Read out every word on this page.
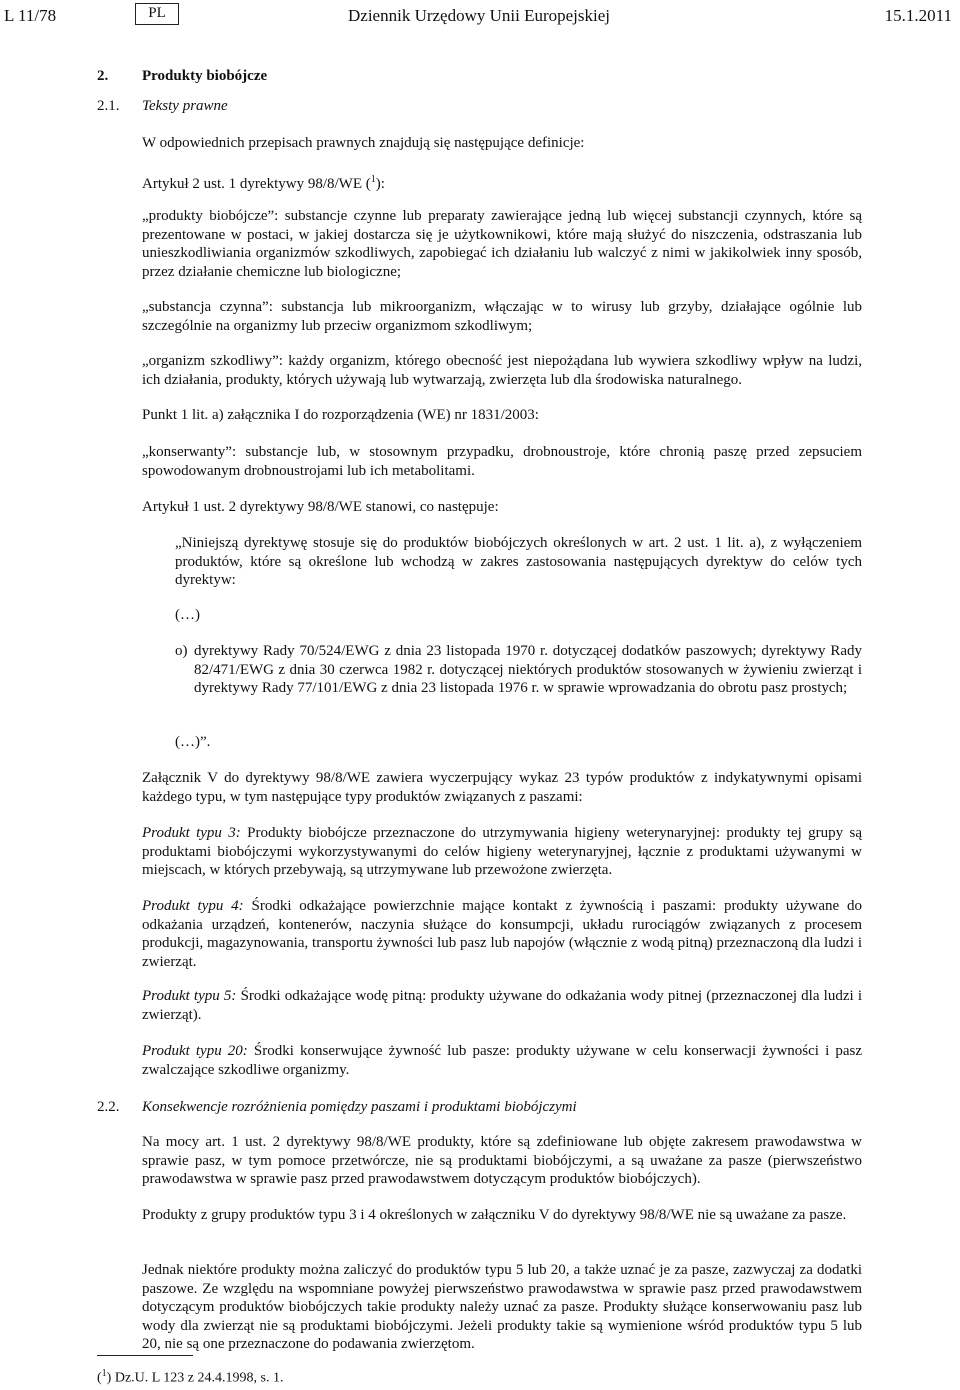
L 11/78	PL	Dziennik Urzędowy Unii Europejskiej	15.1.2011
2. Produkty biobójcze
2.1. Teksty prawne
W odpowiednich przepisach prawnych znajdują się następujące definicje:
Artykuł 2 ust. 1 dyrektywy 98/8/WE ($^1$):

„produkty biobójcze”: substancje czynne lub preparaty zawierające jedną lub więcej substancji czynnych, które są prezentowane w postaci, w jakiej dostarcza się je użytkownikowi, które mają służyć do niszczenia, odstraszania lub unieszkodliwiania organizmów szkodliwych, zapobiegać ich działaniu lub walczyć z nimi w jakikolwiek inny sposób, przez działanie chemiczne lub biologiczne;

„substancja czynna”: substancja lub mikroorganizm, włączając w to wirusy lub grzyby, działające ogólnie lub szczególnie na organizmy lub przeciw organizmom szkodliwym;

„organizm szkodliwy”: każdy organizm, którego obecność jest niepożądana lub wywiera szkodliwy wpływ na ludzi, ich działania, produkty, których używają lub wytwarzają, zwierzęta lub dla środowiska naturalnego.

Punkt 1 lit. a) załącznika I do rozporządzenia (WE) nr 1831/2003:

„konserwanty”: substancje lub, w stosownym przypadku, drobnoustroje, które chronią paszę przed zepsuciem spowodowanym drobnoustrojami lub ich metabolitami.

Artykuł 1 ust. 2 dyrektywy 98/8/WE stanowi, co następuje:

„Niniejszą dyrektywę stosuje się do produktów biobójczych określonych w art. 2 ust. 1 lit. a), z wyłączeniem produktów, które są określone lub wchodzą w zakres zastosowania następujących dyrektyw do celów tych dyrektyw:

(…)
o) dyrektywy Rady 70/524/EWG z dnia 23 listopada 1970 r. dotyczącej dodatków paszowych; dyrektywy Rady 82/471/EWG z dnia 30 czerwca 1982 r. dotyczącej niektórych produktów stosowanych w żywieniu zwierząt i dyrektywy Rady 77/101/EWG z dnia 23 listopada 1976 r. w sprawie wprowadzania do obrotu pasz prostych;

(…)”.

Załącznik V do dyrektywy 98/8/WE zawiera wyczerpujący wykaz 23 typów produktów z indykatywnymi opisami każdego typu, w tym następujące typy produktów związanych z paszami:

Produkt typu 3: Produkty biobójcze przeznaczone do utrzymywania higieny weterynaryjnej: produkty tej grupy są produktami biobójczymi wykorzystywanymi do celów higieny weterynaryjnej, łącznie z produktami używanymi w miejscach, w których przebywają, są utrzymywane lub przewożone zwierzęta.

Produkt typu 4: Środki odkażające powierzchnie mające kontakt z żywnością i paszami: produkty używane do odkażania urządzeń, kontenerów, naczynia służące do konsumpcji, układu rurociągów związanych z procesem produkcji, magazynowania, transportu żywności lub pasz lub napojów (włącznie z wodą pitną) przeznaczoną dla ludzi i zwierząt.

Produkt typu 5: Środki odkażające wodę pitną: produkty używane do odkażania wody pitnej (przeznaczonej dla ludzi i zwierząt).

Produkt typu 20: Środki konserwujące żywność lub pasze: produkty używane w celu konserwacji żywności i pasz zwalczające szkodliwe organizmy.

2.2. Konsekwencje rozróżnienia pomiędzy paszami i produktami biobójczymi

Na mocy art. 1 ust. 2 dyrektywy 98/8/WE produkty, które są zdefiniowane lub objęte zakresem prawodawstwa w sprawie pasz, w tym pomoce przetwórcze, nie są produktami biobójczymi, a są uważane za pasze (pierwszeństwo prawodawstwa w sprawie pasz przed prawodawstwem dotyczącym produktów biobójczych).

Produkty z grupy produktów typu 3 i 4 określonych w załączniku V do dyrektywy 98/8/WE nie są uważane za pasze.

Jednak niektóre produkty można zaliczyć do produktów typu 5 lub 20, a także uznać je za pasze, zazwyczaj za dodatki paszowe. Ze względu na wspomniane powyżej pierwszeństwo prawodawstwa w sprawie pasz przed prawodawstwem dotyczącym produktów biobójczych takie produkty należy uznać za pasze. Produkty służące konserwowaniu pasz lub wody dla zwierząt nie są produktami biobójczymi. Jeżeli produkty takie są wymienione wśród produktów typu 5 lub 20, nie są one przeznaczone do podawania zwierzętom.

($^1$) Dz.U. L 123 z 24.4.1998, s. 1.
